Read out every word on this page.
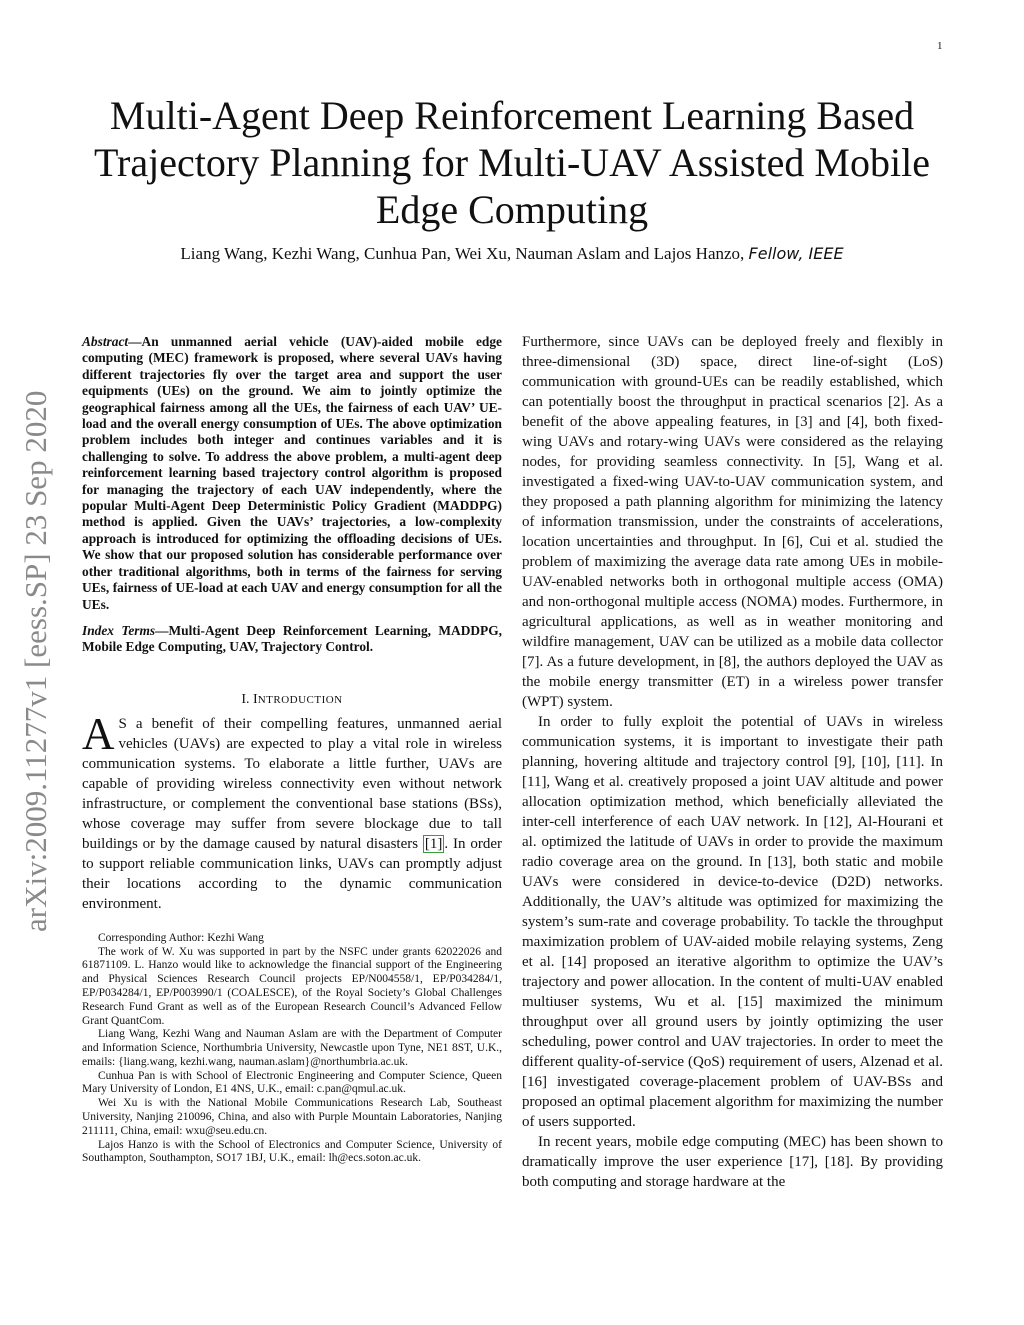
1
Multi-Agent Deep Reinforcement Learning Based Trajectory Planning for Multi-UAV Assisted Mobile Edge Computing
Liang Wang, Kezhi Wang, Cunhua Pan, Wei Xu, Nauman Aslam and Lajos Hanzo, Fellow, IEEE
arXiv:2009.11277v1 [eess.SP] 23 Sep 2020

Abstract—An unmanned aerial vehicle (UAV)-aided mobile edge computing (MEC) framework is proposed, where several UAVs having different trajectories fly over the target area and support the user equipments (UEs) on the ground. We aim to jointly optimize the geographical fairness among all the UEs, the fairness of each UAV’ UE-load and the overall energy consumption of UEs. The above optimization problem includes both integer and continues variables and it is challenging to solve. To address the above problem, a multi-agent deep reinforcement learning based trajectory control algorithm is proposed for managing the trajectory of each UAV independently, where the popular Multi-Agent Deep Deterministic Policy Gradient (MADDPG) method is applied. Given the UAVs’ trajectories, a low-complexity approach is introduced for optimizing the offloading decisions of UEs. We show that our proposed solution has considerable performance over other traditional algorithms, both in terms of the fairness for serving UEs, fairness of UE-load at each UAV and energy consumption for all the UEs.

Index Terms—Multi-Agent Deep Reinforcement Learning, MADDPG, Mobile Edge Computing, UAV, Trajectory Control.

I. INTRODUCTION

A S a benefit of their compelling features, unmanned aerial vehicles (UAVs) are expected to play a vital role in wireless communication systems. To elaborate a little further, UAVs are capable of providing wireless connectivity even without network infrastructure, or complement the conventional base stations (BSs), whose coverage may suffer from severe blockage due to tall buildings or by the damage caused by natural disasters [1] . In order to support reliable communication links, UAVs can promptly adjust their locations according to the dynamic communication environment.

Corresponding Author: Kezhi Wang

The work of W. Xu was supported in part by the NSFC under grants 62022026 and 61871109. L. Hanzo would like to acknowledge the financial support of the Engineering and Physical Sciences Research Council projects EP/N004558/1, EP/P034284/1, EP/P034284/1, EP/P003990/1 (COALESCE), of the Royal Society’s Global Challenges Research Fund Grant as well as of the European Research Council’s Advanced Fellow Grant QuantCom.

Liang Wang, Kezhi Wang and Nauman Aslam are with the Department of Computer and Information Science, Northumbria University, Newcastle upon Tyne, NE1 8ST, U.K., emails: {liang.wang, kezhi.wang, nauman.aslam}@northumbria.ac.uk.

Cunhua Pan is with School of Electronic Engineering and Computer Science, Queen Mary University of London, E1 4NS, U.K., email: c.pan@qmul.ac.uk.

Wei Xu is with the National Mobile Communications Research Lab, Southeast University, Nanjing 210096, China, and also with Purple Mountain Laboratories, Nanjing 211111, China, email: wxu@seu.edu.cn.

Lajos Hanzo is with the School of Electronics and Computer Science, University of Southampton, Southampton, SO17 1BJ, U.K., email: lh@ecs.soton.ac.uk.

Furthermore, since UAVs can be deployed freely and flexibly in three-dimensional (3D) space, direct line-of-sight (LoS) communication with ground-UEs can be readily established, which can potentially boost the throughput in practical scenarios [2]. As a benefit of the above appealing features, in [3] and [4], both fixed-wing UAVs and rotary-wing UAVs were considered as the relaying nodes, for providing seamless connectivity. In [5], Wang et al. investigated a fixed-wing UAV-to-UAV communication system, and they proposed a path planning algorithm for minimizing the latency of information transmission, under the constraints of accelerations, location uncertainties and throughput. In [6], Cui et al. studied the problem of maximizing the average data rate among UEs in mobile-UAV-enabled networks both in orthogonal multiple access (OMA) and non-orthogonal multiple access (NOMA) modes. Furthermore, in agricultural applications, as well as in weather monitoring and wildfire management, UAV can be utilized as a mobile data collector [7]. As a future development, in [8], the authors deployed the UAV as the mobile energy transmitter (ET) in a wireless power transfer (WPT) system.

In order to fully exploit the potential of UAVs in wireless communication systems, it is important to investigate their path planning, hovering altitude and trajectory control [9], [10], [11]. In [11], Wang et al. creatively proposed a joint UAV altitude and power allocation optimization method, which beneficially alleviated the inter-cell interference of each UAV network. In [12], Al-Hourani et al. optimized the latitude of UAVs in order to provide the maximum radio coverage area on the ground. In [13], both static and mobile UAVs were considered in device-to-device (D2D) networks. Additionally, the UAV’s altitude was optimized for maximizing the system’s sum-rate and coverage probability. To tackle the throughput maximization problem of UAV-aided mobile relaying systems, Zeng et al. [14] proposed an iterative algorithm to optimize the UAV’s trajectory and power allocation. In the content of multi-UAV enabled multiuser systems, Wu et al. [15] maximized the minimum throughput over all ground users by jointly optimizing the user scheduling, power control and UAV trajectories. In order to meet the different quality-of-service (QoS) requirement of users, Alzenad et al. [16] investigated coverage-placement problem of UAV-BSs and proposed an optimal placement algorithm for maximizing the number of users supported.

In recent years, mobile edge computing (MEC) has been shown to dramatically improve the user experience [17], [18]. By providing both computing and storage hardware at the
